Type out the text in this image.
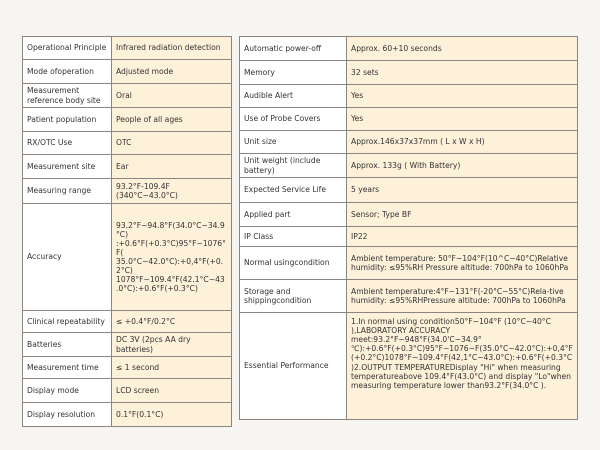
Operational Principle	Infrared radiation detection
Mode ofoperation	Adjusted mode
Measurement reference body site	Oral
Patient population	People of all ages
RX/OTC Use	OTC
Measurement site	Ear
Measuring range	93.2°F-109.4F (340°C~43.0°C)
Accuracy	93.2°F~94.8°F(34.0°C~34.9°C) :+0.6°F(+0.3°C)95°F~1076°F( 35.0°C~42.0°C):+0,4°F(+0.2°C) 1078°F~109.4°F(42.1°C~43.0°C):+0.6°F(+0.3°C)
Clinical repeatability	≤ +0.4°F/0.2°C
Batteries	DC 3V (2pcs AA dry batteries)
Measurement time	≤ 1 second
Display mode	LCD screen
Display resolution	0.1°F(0.1°C)
Automatic power-off	Approx. 60+10 seconds
Memory	32 sets
Audible Alert	Yes
Use of Probe Covers	Yes
Unit size	Approx.146x37x37mm ( L x W x H)
Unit weight (include battery)	Approx. 133g ( With Battery)
Expected Service Life	5 years
Applied part	Sensor; Type BF
IP Class	IP22
Normal usingcondition	Ambient temperature: 50°F~104°F(10^C~40°C)Relative humidity: ≤95%RH Pressure altitude: 700hPa to 1060hPa
Storage and shippingcondition	Ambient temperature:4°F~131°F(-20°C~55°C)Rela-tive humidity: ≤95%RHPressure altitude: 700hPa to 1060hPa
Essential Performance	1.In normal using condition50°F~104°F (10°C~40°C ),LABORATORY ACCURACY meet:93.2°F~948°F(34.0'C~34.9° ℃):+0.6°F(+0.3°C)95°F~1076~F(35.0°C~42.0°C):+0,4°F(+0.2°C)1078°F~109.4°F(42,1°C~43.0°C):+0.6°F(+0.3°C)2.OUTPUT TEMPERATUREDisplay "Hi" when measuring temperatureabove 109.4°F(43.0°C) and display "Lo"when measuring temperature lower than93.2°F(34.0°C ).
